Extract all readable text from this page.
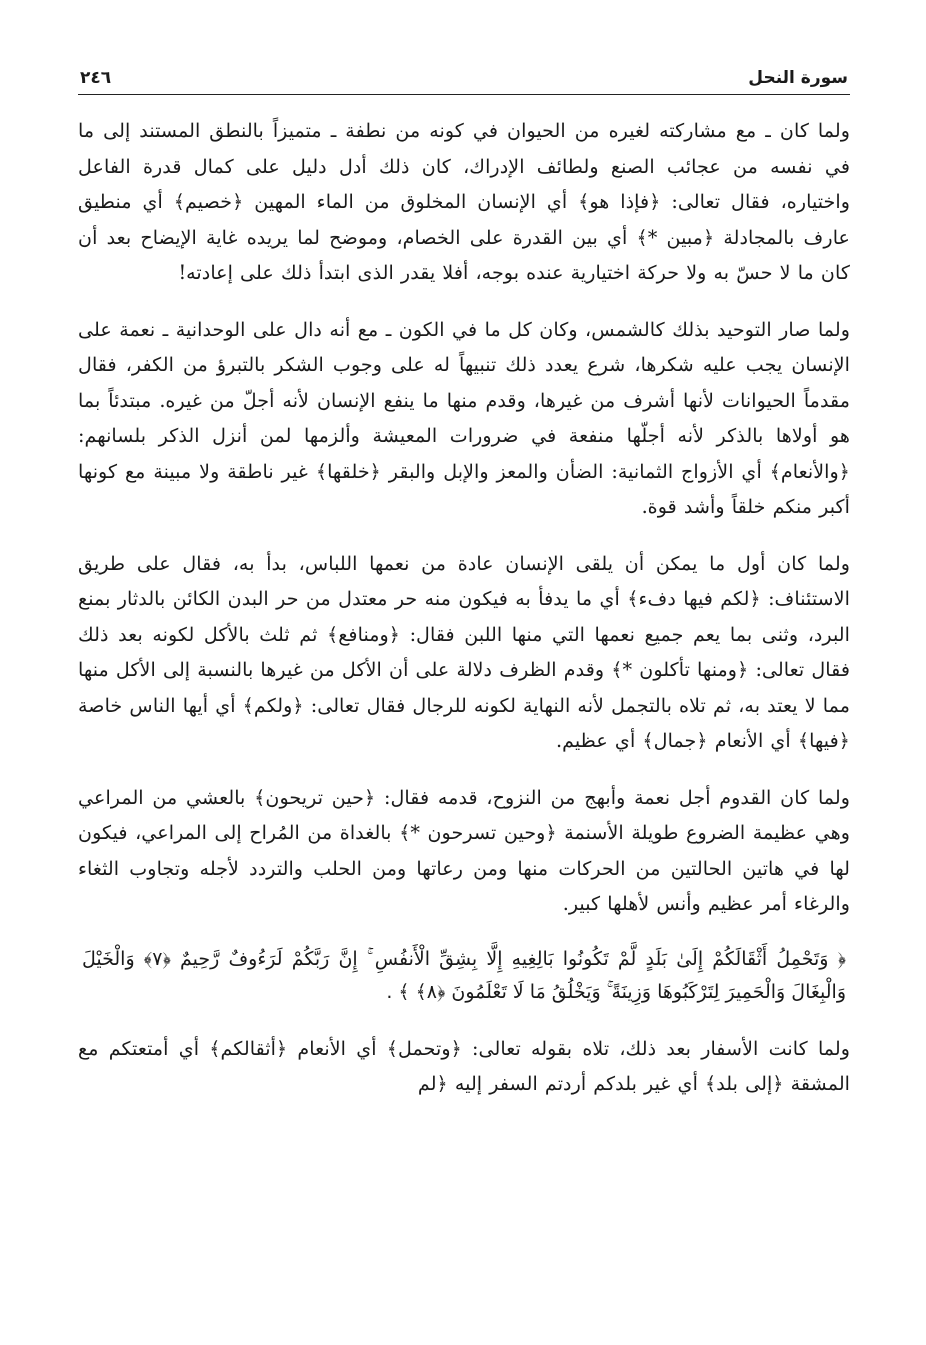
سورة النحل
٢٤٦

ولما كان ـ مع مشاركته لغيره من الحيوان في كونه من نطفة ـ متميزاً بالنطق المستند إلى ما في نفسه من عجائب الصنع ولطائف الإدراك، كان ذلك أدل دليل على كمال قدرة الفاعل واختياره، فقال تعالى: ﴿فإذا هو﴾ أي الإنسان المخلوق من الماء المهين ﴿خصيم﴾ أي منطيق عارف بالمجادلة ﴿مبين *﴾ أي بين القدرة على الخصام، وموضح لما يريده غاية الإيضاح بعد أن كان ما لا حسّ به ولا حركة اختيارية عنده بوجه، أفلا يقدر الذى ابتدأ ذلك على إعادته!

ولما صار التوحيد بذلك كالشمس، وكان كل ما في الكون ـ مع أنه دال على الوحدانية ـ نعمة على الإنسان يجب عليه شكرها، شرع يعدد ذلك تنبيهاً له على وجوب الشكر بالتبرؤ من الكفر، فقال مقدماً الحيوانات لأنها أشرف من غيرها، وقدم منها ما ينفع الإنسان لأنه أجلّ من غيره. مبتدئاً بما هو أولاها بالذكر لأنه أجلّها منفعة في ضرورات المعيشة وألزمها لمن أنزل الذكر بلسانهم: ﴿والأنعام﴾ أي الأزواج الثمانية: الضأن والمعز والإبل والبقر ﴿خلقها﴾ غير ناطقة ولا مبينة مع كونها أكبر منكم خلقاً وأشد قوة.

ولما كان أول ما يمكن أن يلقى الإنسان عادة من نعمها اللباس، بدأ به، فقال على طريق الاستئناف: ﴿لكم فيها دفء﴾ أي ما يدفأ به فيكون منه حر معتدل من حر البدن الكائن بالدثار بمنع البرد، وثنى بما يعم جميع نعمها التي منها اللبن فقال: ﴿ومنافع﴾ ثم ثلث بالأكل لكونه بعد ذلك فقال تعالى: ﴿ومنها تأكلون *﴾ وقدم الظرف دلالة على أن الأكل من غيرها بالنسبة إلى الأكل منها مما لا يعتد به، ثم تلاه بالتجمل لأنه النهاية لكونه للرجال فقال تعالى: ﴿ولكم﴾ أي أيها الناس خاصة ﴿فيها﴾ أي الأنعام ﴿جمال﴾ أي عظيم.

ولما كان القدوم أجل نعمة وأبهج من النزوح، قدمه فقال: ﴿حين تريحون﴾ بالعشي من المراعي وهي عظيمة الضروع طويلة الأسنمة ﴿وحين تسرحون *﴾ بالغداة من المُراح إلى المراعي، فيكون لها في هاتين الحالتين من الحركات منها ومن رعاتها ومن الحلب والتردد لأجله وتجاوب الثغاء والرغاء أمر عظيم وأنس لأهلها كبير.

﴿ وَتَحْمِلُ أَثْقَالَكُمْ إِلَىٰ بَلَدٍ لَّمْ تَكُونُوا بَالِغِيهِ إِلَّا بِشِقِّ الْأَنفُسِ ۚ إِنَّ رَبَّكُمْ لَرَءُوفٌ رَّحِيمٌ ﴿٧﴾ وَالْخَيْلَ وَالْبِغَالَ وَالْحَمِيرَ لِتَرْكَبُوهَا وَزِينَةً ۚ وَيَخْلُقُ مَا لَا تَعْلَمُونَ ﴿٨﴾ ﴾ .

ولما كانت الأسفار بعد ذلك، تلاه بقوله تعالى: ﴿وتحمل﴾ أي الأنعام ﴿أثقالكم﴾ أي أمتعتكم مع المشقة ﴿إلى بلد﴾ أي غير بلدكم أردتم السفر إليه ﴿لم
